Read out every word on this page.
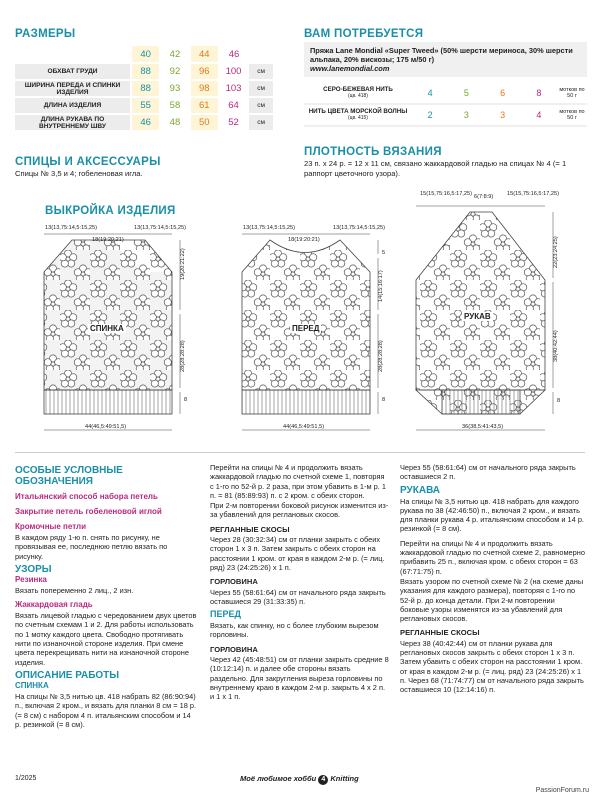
РАЗМЕРЫ	ВАМ ПОТРЕБУЕТСЯ
	40	42	44	46	
ОБХВАТ ГРУДИ	88	92	96	100	см
ШИРИНА ПЕРЕДА И СПИНКИ ИЗДЕЛИЯ	88	93	98	103	см
ДЛИНА ИЗДЕЛИЯ	55	58	61	64	см
ДЛИНА РУКАВА ПО ВНУТРЕННЕМУ ШВУ	46	48	50	52	см
Пряжа Lane Mondial «Super Tweed» (50% шерсти мериноса, 30% шерсти альпака, 20% вискозы; 175 м/50 г)
www.lanemondial.com
СЕРО-БЕЖЕВАЯ НИТЬ
(цв. 418)	4	5	6	8	мотков по 50 г
НИТЬ ЦВЕТА МОРСКОЙ ВОЛНЫ
(цв. 415)	2	3	3	4	мотков по 50 г
ПЛОТНОСТЬ ВЯЗАНИЯ
23 п. х 24 р. = 12 х 11 см, связано жаккардовой гладью на спицах № 4 (= 1 раппорт цветочного узора).
СПИЦЫ И АКСЕССУАРЫ
Спицы № 3,5 и 4; гобеленовая игла.
ВЫКРОЙКА ИЗДЕЛИЯ
СПИНКА	ПЕРЕД
РУКАВ
13(13,75:14,5:15,25)
18(19:20:21)
13(13,75:14,5:15,25)
19(20:21:22)
28(28:28:28)
8
44(46,5:49:51,5)
13(13,75:14,5:15,25)
18(19:20:21)
13(13,75:14,5:15,25)
5
14(15:16:17)
28(28:28:28)
8
44(46,5:49:51,5)
15(15,75:16,5:17,25) 6(7:8:9) 15(15,75:16,5:17,25)
22(23:24:25)
38(40:42:44)
8
36(38,5:41:43,5)
ОСОБЫЕ УСЛОВНЫЕ ОБОЗНАЧЕНИЯ
Итальянский способ набора петель
Закрытие петель гобеленовой иглой
Кромочные петли

В каждом ряду 1-ю п. снять по рисунку, не провязывая ее, последнюю петлю вязать по рисунку.

УЗОРЫ
Резинка

Вязать попеременно 2 лиц., 2 изн.

Жаккардовая гладь

Вязать лицевой гладью с чередованием двух цветов по счетным схемам 1 и 2. Для работы использовать по 1 мотку каждого цвета. Свободно протягивать нити по изнаночной стороне изделия. При смене цвета перекрещивать нити на изнаночной стороне изделия.

ОПИСАНИЕ РАБОТЫ
СПИНКА

На спицы № 3,5 нитью цв. 418 набрать 82 (86:90:94) п., включая 2 кром., и вязать для планки 8 см = 18 р. (= 8 см) с набором 4 п. итальянским способом и 14 р. резинкой (= 8 см).

Перейти на спицы № 4 и продолжить вязать жаккардовой гладью по счетной схеме 1, повторяя с 1-го по 52-й р. 2 раза, при этом убавить в 1-м р. 1 п. = 81 (85:89:93) п. с 2 кром. с обеих сторон.

При 2-м повторении боковой рисунок изменится из-за убавлений для реглановых скосов.

РЕГЛАННЫЕ СКОСЫ

Через 28 (30:32:34) см от планки закрыть с обеих сторон 1 х 3 п. Затем закрыть с обеих сторон на расстоянии 1 кром. от края в каждом 2-м р. (= лиц. ряд) 23 (24:25:26) х 1 п.

ГОРЛОВИНА

Через 55 (58:61:64) см от начального ряда закрыть оставшиеся 29 (31:33:35) п.

ПЕРЕД

Вязать, как спинку, но с более глубоким вырезом горловины.

ГОРЛОВИНА

Через 42 (45:48:51) см от планки закрыть средние 8 (10:12:14) п. и далее обе стороны вязать раздельно. Для закругления выреза горловины по внутреннему краю в каждом 2-м р. закрыть 4 х 2 п. и 1 х 1 п.

Через 55 (58:61:64) см от начального ряда закрыть оставшиеся 2 п.

РУКАВА

На спицы № 3,5 нитью цв. 418 набрать для каждого рукава по 38 (42:46:50) п., включая 2 кром., и вязать для планки рукава 4 р. итальянским способом и 14 р. резинкой (= 8 см).

Перейти на спицы № 4 и продолжить вязать жаккардовой гладью по счетной схеме 2, равномерно прибавить 25 п., включая кром. с обеих сторон = 63 (67:71:75) п.

Вязать узором по счетной схеме № 2 (на схеме даны указания для каждого размера), повторяя с 1-го по 52-й р. до конца детали. При 2-м повторении боковые узоры изменятся из-за убавлений для реглановых скосов.

РЕГЛАННЫЕ СКОСЫ

Через 38 (40:42:44) см от планки рукава для реглановых скосов закрыть с обеих сторон 1 х 3 п. Затем убавить с обеих сторон на расстоянии 1 кром. от края в каждом 2-м р. (= лиц. ряд) 23 (24:25:26) х 1 п. Через 68 (71:74:77) см от начального ряда закрыть оставшиеся 10 (12:14:16) п.

1/2025	Моё любимое хобби 4 Knitting
PassionForum.ru
